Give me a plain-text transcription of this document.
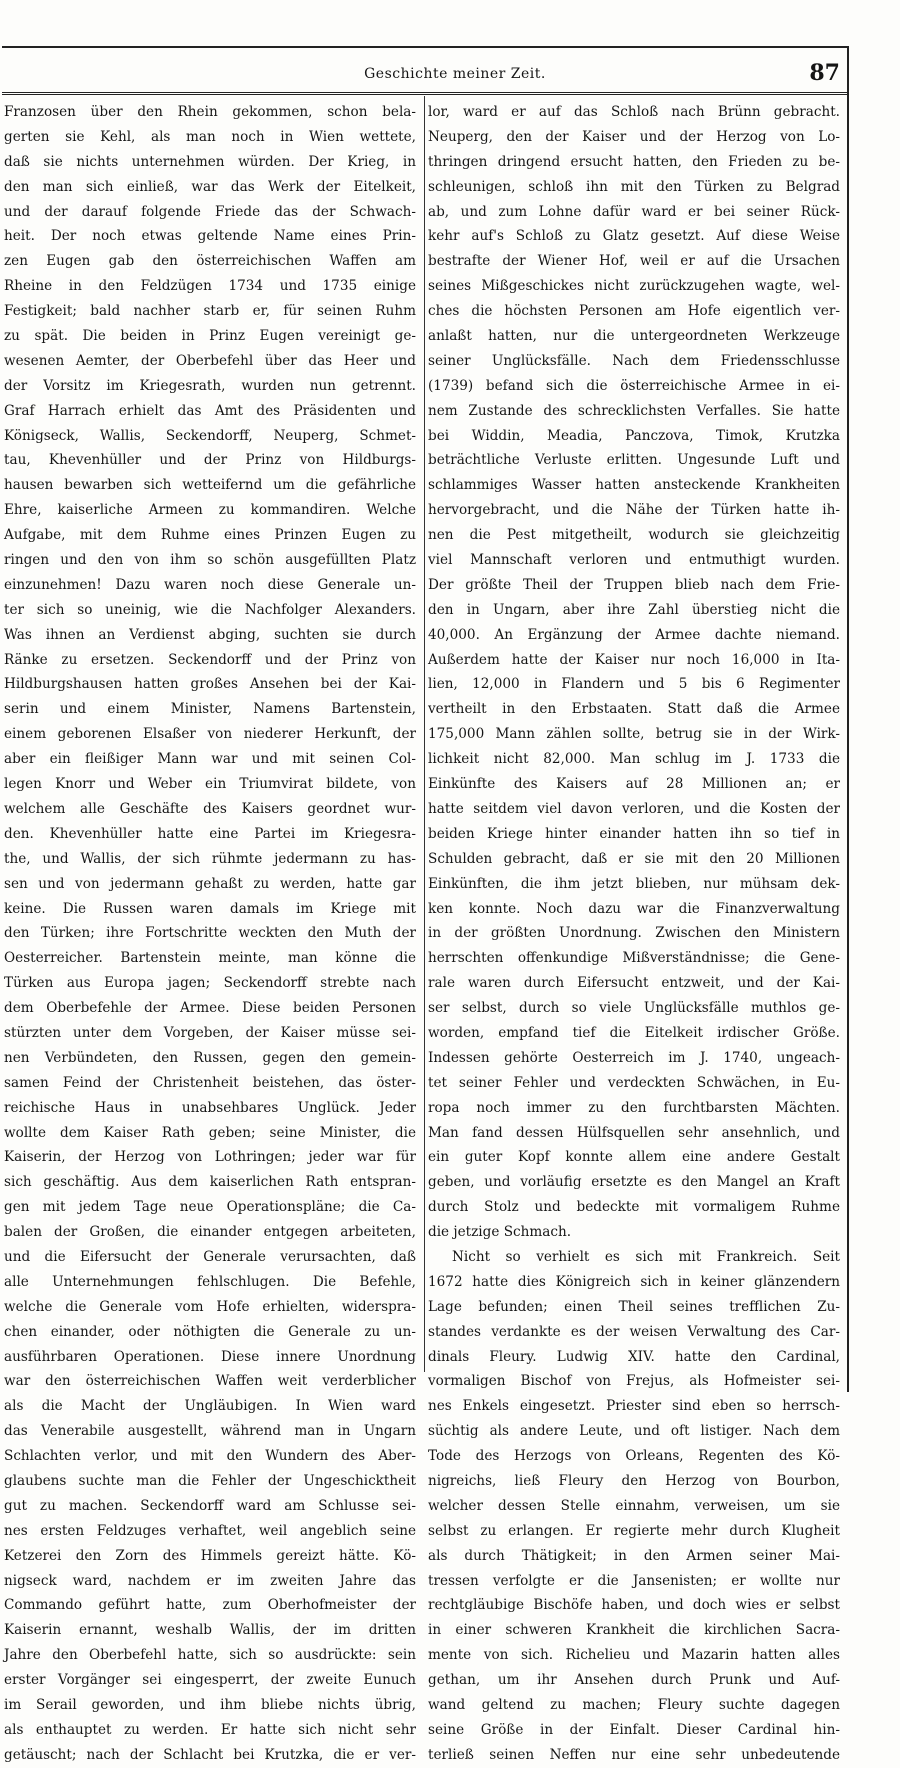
Geschichte meiner Zeit.	87
Franzosen über den Rhein gekommen, schon bela-
gerten sie Kehl, als man noch in Wien wettete,
daß sie nichts unternehmen würden. Der Krieg, in
den man sich einließ, war das Werk der Eitelkeit,
und der darauf folgende Friede das der Schwach-
heit. Der noch etwas geltende Name eines Prin-
zen Eugen gab den österreichischen Waffen am
Rheine in den Feldzügen 1734 und 1735 einige
Festigkeit; bald nachher starb er, für seinen Ruhm
zu spät. Die beiden in Prinz Eugen vereinigt ge-
wesenen Aemter, der Oberbefehl über das Heer und
der Vorsitz im Kriegesrath, wurden nun getrennt.
Graf Harrach erhielt das Amt des Präsidenten und
Königseck, Wallis, Seckendorff, Neuperg, Schmet-
tau, Khevenhüller und der Prinz von Hildburgs-
hausen bewarben sich wetteifernd um die gefährliche
Ehre, kaiserliche Armeen zu kommandiren. Welche
Aufgabe, mit dem Ruhme eines Prinzen Eugen zu
ringen und den von ihm so schön ausgefüllten Platz
einzunehmen! Dazu waren noch diese Generale un-
ter sich so uneinig, wie die Nachfolger Alexanders.
Was ihnen an Verdienst abging, suchten sie durch
Ränke zu ersetzen. Seckendorff und der Prinz von
Hildburgshausen hatten großes Ansehen bei der Kai-
serin und einem Minister, Namens Bartenstein,
einem geborenen Elsaßer von niederer Herkunft, der
aber ein fleißiger Mann war und mit seinen Col-
legen Knorr und Weber ein Triumvirat bildete, von
welchem alle Geschäfte des Kaisers geordnet wur-
den. Khevenhüller hatte eine Partei im Kriegesra-
the, und Wallis, der sich rühmte jedermann zu has-
sen und von jedermann gehaßt zu werden, hatte gar
keine. Die Russen waren damals im Kriege mit
den Türken; ihre Fortschritte weckten den Muth der
Oesterreicher. Bartenstein meinte, man könne die
Türken aus Europa jagen; Seckendorff strebte nach
dem Oberbefehle der Armee. Diese beiden Personen
stürzten unter dem Vorgeben, der Kaiser müsse sei-
nen Verbündeten, den Russen, gegen den gemein-
samen Feind der Christenheit beistehen, das öster-
reichische Haus in unabsehbares Unglück. Jeder
wollte dem Kaiser Rath geben; seine Minister, die
Kaiserin, der Herzog von Lothringen; jeder war für
sich geschäftig. Aus dem kaiserlichen Rath entspran-
gen mit jedem Tage neue Operationspläne; die Ca-
balen der Großen, die einander entgegen arbeiteten,
und die Eifersucht der Generale verursachten, daß
alle Unternehmungen fehlschlugen. Die Befehle,
welche die Generale vom Hofe erhielten, widerspra-
chen einander, oder nöthigten die Generale zu un-
ausführbaren Operationen. Diese innere Unordnung
war den österreichischen Waffen weit verderblicher
als die Macht der Ungläubigen. In Wien ward
das Venerabile ausgestellt, während man in Ungarn
Schlachten verlor, und mit den Wundern des Aber-
glaubens suchte man die Fehler der Ungeschicktheit
gut zu machen. Seckendorff ward am Schlusse sei-
nes ersten Feldzuges verhaftet, weil angeblich seine
Ketzerei den Zorn des Himmels gereizt hätte. Kö-
nigseck ward, nachdem er im zweiten Jahre das
Commando geführt hatte, zum Oberhofmeister der
Kaiserin ernannt, weshalb Wallis, der im dritten
Jahre den Oberbefehl hatte, sich so ausdrückte: sein
erster Vorgänger sei eingesperrt, der zweite Eunuch
im Serail geworden, und ihm bliebe nichts übrig,
als enthauptet zu werden. Er hatte sich nicht sehr
getäuscht; nach der Schlacht bei Krutzka, die er ver-
lor, ward er auf das Schloß nach Brünn gebracht.
Neuperg, den der Kaiser und der Herzog von Lo-
thringen dringend ersucht hatten, den Frieden zu be-
schleunigen, schloß ihn mit den Türken zu Belgrad
ab, und zum Lohne dafür ward er bei seiner Rück-
kehr auf's Schloß zu Glatz gesetzt. Auf diese Weise
bestrafte der Wiener Hof, weil er auf die Ursachen
seines Mißgeschickes nicht zurückzugehen wagte, wel-
ches die höchsten Personen am Hofe eigentlich ver-
anlaßt hatten, nur die untergeordneten Werkzeuge
seiner Unglücksfälle. Nach dem Friedensschlusse
(1739) befand sich die österreichische Armee in ei-
nem Zustande des schrecklichsten Verfalles. Sie hatte
bei Widdin, Meadia, Panczova, Timok, Krutzka
beträchtliche Verluste erlitten. Ungesunde Luft und
schlammiges Wasser hatten ansteckende Krankheiten
hervorgebracht, und die Nähe der Türken hatte ih-
nen die Pest mitgetheilt, wodurch sie gleichzeitig
viel Mannschaft verloren und entmuthigt wurden.
Der größte Theil der Truppen blieb nach dem Frie-
den in Ungarn, aber ihre Zahl überstieg nicht die
40,000. An Ergänzung der Armee dachte niemand.
Außerdem hatte der Kaiser nur noch 16,000 in Ita-
lien, 12,000 in Flandern und 5 bis 6 Regimenter
vertheilt in den Erbstaaten. Statt daß die Armee
175,000 Mann zählen sollte, betrug sie in der Wirk-
lichkeit nicht 82,000. Man schlug im J. 1733 die
Einkünfte des Kaisers auf 28 Millionen an; er
hatte seitdem viel davon verloren, und die Kosten der
beiden Kriege hinter einander hatten ihn so tief in
Schulden gebracht, daß er sie mit den 20 Millionen
Einkünften, die ihm jetzt blieben, nur mühsam dek-
ken konnte. Noch dazu war die Finanzverwaltung
in der größten Unordnung. Zwischen den Ministern
herrschten offenkundige Mißverständnisse; die Gene-
rale waren durch Eifersucht entzweit, und der Kai-
ser selbst, durch so viele Unglücksfälle muthlos ge-
worden, empfand tief die Eitelkeit irdischer Größe.
Indessen gehörte Oesterreich im J. 1740, ungeach-
tet seiner Fehler und verdeckten Schwächen, in Eu-
ropa noch immer zu den furchtbarsten Mächten.
Man fand dessen Hülfsquellen sehr ansehnlich, und
ein guter Kopf konnte allem eine andere Gestalt
geben, und vorläufig ersetzte es den Mangel an Kraft
durch Stolz und bedeckte mit vormaligem Ruhme
die jetzige Schmach.
Nicht so verhielt es sich mit Frankreich. Seit
1672 hatte dies Königreich sich in keiner glänzendern
Lage befunden; einen Theil seines trefflichen Zu-
standes verdankte es der weisen Verwaltung des Car-
dinals Fleury. Ludwig XIV. hatte den Cardinal,
vormaligen Bischof von Frejus, als Hofmeister sei-
nes Enkels eingesetzt. Priester sind eben so herrsch-
süchtig als andere Leute, und oft listiger. Nach dem
Tode des Herzogs von Orleans, Regenten des Kö-
nigreichs, ließ Fleury den Herzog von Bourbon,
welcher dessen Stelle einnahm, verweisen, um sie
selbst zu erlangen. Er regierte mehr durch Klugheit
als durch Thätigkeit; in den Armen seiner Mai-
tressen verfolgte er die Jansenisten; er wollte nur
rechtgläubige Bischöfe haben, und doch wies er selbst
in einer schweren Krankheit die kirchlichen Sacra-
mente von sich. Richelieu und Mazarin hatten alles
gethan, um ihr Ansehen durch Prunk und Auf-
wand geltend zu machen; Fleury suchte dagegen
seine Größe in der Einfalt. Dieser Cardinal hin-
terließ seinen Neffen nur eine sehr unbedeutende
